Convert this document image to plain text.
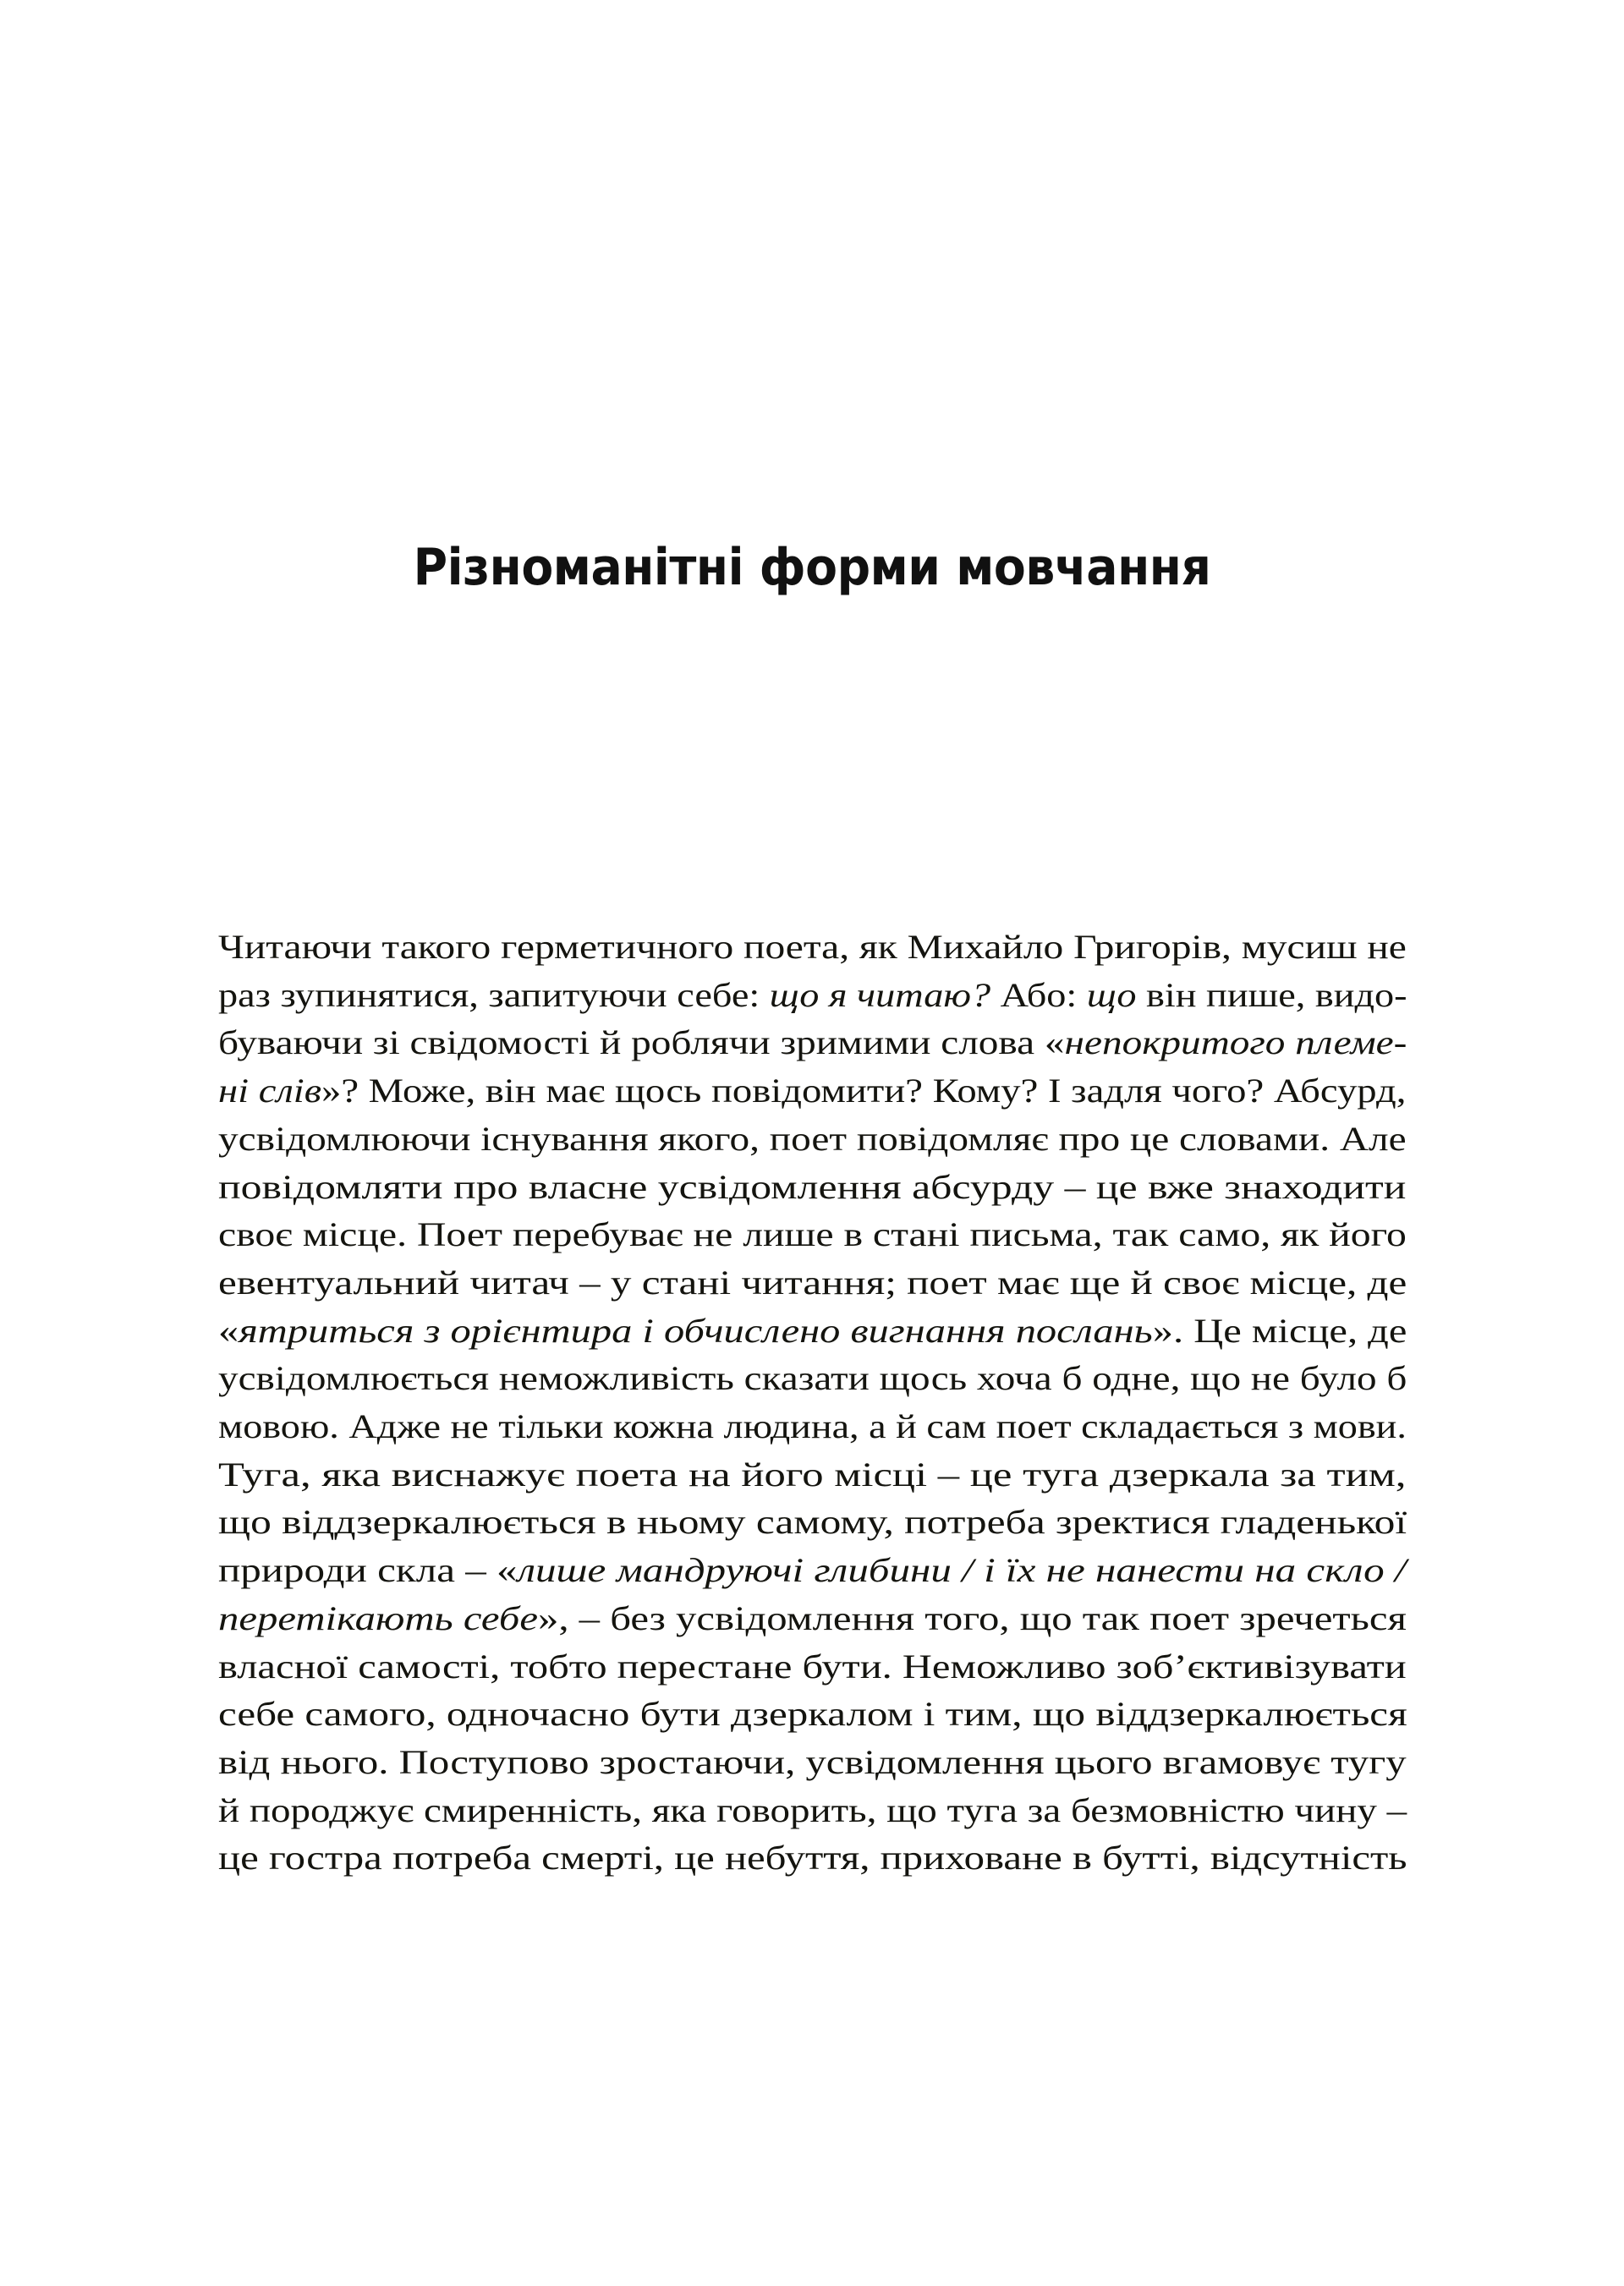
Різноманітні форми мовчання
Читаючи такого герметичного поета, як Михайло Григорів, мусиш не
раз зупинятися, запитуючи себе: що я читаю? Або: що він пише, видо-
буваючи зі свідомості й роблячи зримими слова «непокритого племе-
ні слів»? Може, він має щось повідомити? Кому? І задля чого? Абсурд,
усвідомлюючи існування якого, поет повідомляє про це словами. Але
повідомляти про власне усвідомлення абсурду – це вже знаходити
своє місце. Поет перебуває не лише в стані письма, так само, як його
евентуальний читач – у стані читання; поет має ще й своє місце, де
«ятриться з орієнтира і обчислено вигнання послань». Це місце, де
усвідомлюється неможливість сказати щось хоча б одне, що не було б
мовою. Адже не тільки кожна людина, а й сам поет складається з мови.
Туга, яка виснажує поета на його місці – це туга дзеркала за тим,
що віддзеркалюється в ньому самому, потреба зректися гладенької
природи скла – «лише мандруючі глибини / і їх не нанести на скло /
перетікають себе», – без усвідомлення того, що так поет зречеться
власної самості, тобто перестане бути. Неможливо зоб’єктивізувати
себе самого, одночасно бути дзеркалом і тим, що віддзеркалюється
від нього. Поступово зростаючи, усвідомлення цього вгамовує тугу
й породжує смиренність, яка говорить, що туга за безмовністю чину –
це гостра потреба смерті, це небуття, приховане в бутті, відсутність
